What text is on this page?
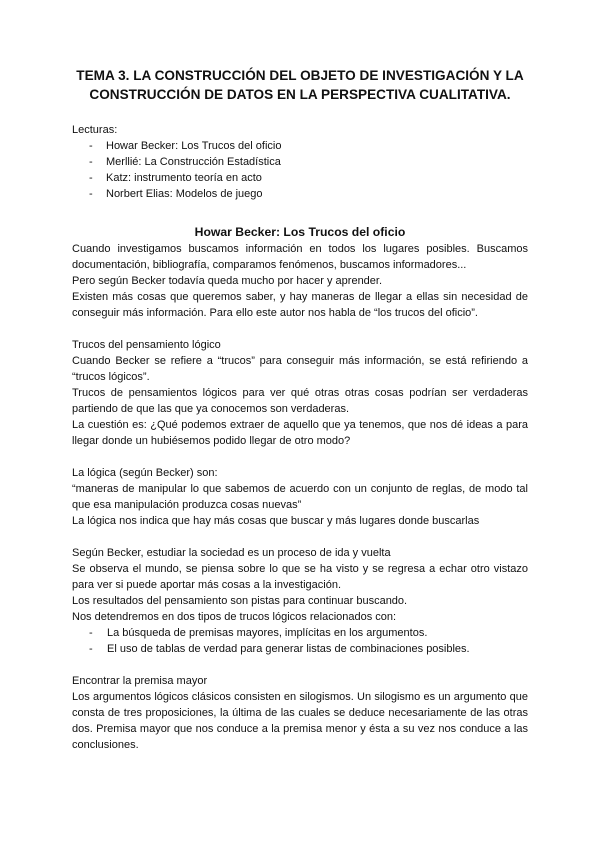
TEMA 3. LA CONSTRUCCIÓN DEL OBJETO DE INVESTIGACIÓN Y LA
CONSTRUCCIÓN DE DATOS EN LA PERSPECTIVA CUALITATIVA.
Lecturas:
- Howar Becker: Los Trucos del oficio
- Merllié: La Construcción Estadística
- Katz: instrumento teoría en acto
- Norbert Elias: Modelos de juego
Howar Becker: Los Trucos del oficio

Cuando investigamos buscamos información en todos los lugares posibles. Buscamos documentación, bibliografía, comparamos fenómenos, buscamos informadores...

Pero según Becker todavía queda mucho por hacer y aprender.

Existen más cosas que queremos saber, y hay maneras de llegar a ellas sin necesidad de conseguir más información. Para ello este autor nos habla de “los trucos del oficio”.

Trucos del pensamiento lógico

Cuando Becker se refiere a “trucos” para conseguir más información, se está refiriendo a “trucos lógicos”.

Trucos de pensamientos lógicos para ver qué otras otras cosas podrían ser verdaderas partiendo de que las que ya conocemos son verdaderas.

La cuestión es: ¿Qué podemos extraer de aquello que ya tenemos, que nos dé ideas a para llegar donde un hubiésemos podido llegar de otro modo?

La lógica (según Becker) son:

“maneras de manipular lo que sabemos de acuerdo con un conjunto de reglas, de modo tal que esa manipulación produzca cosas nuevas”

La lógica nos indica que hay más cosas que buscar y más lugares donde buscarlas

Según Becker, estudiar la sociedad es un proceso de ida y vuelta

Se observa el mundo, se piensa sobre lo que se ha visto y se regresa a echar otro vistazo para ver si puede aportar más cosas a la investigación.

Los resultados del pensamiento son pistas para continuar buscando.

Nos detendremos en dos tipos de trucos lógicos relacionados con:

- La búsqueda de premisas mayores, implícitas en los argumentos.
- El uso de tablas de verdad para generar listas de combinaciones posibles.

Encontrar la premisa mayor

Los argumentos lógicos clásicos consisten en silogismos. Un silogismo es un argumento que consta de tres proposiciones, la última de las cuales se deduce necesariamente de las otras dos. Premisa mayor que nos conduce a la premisa menor y ésta a su vez nos conduce a las conclusiones.
